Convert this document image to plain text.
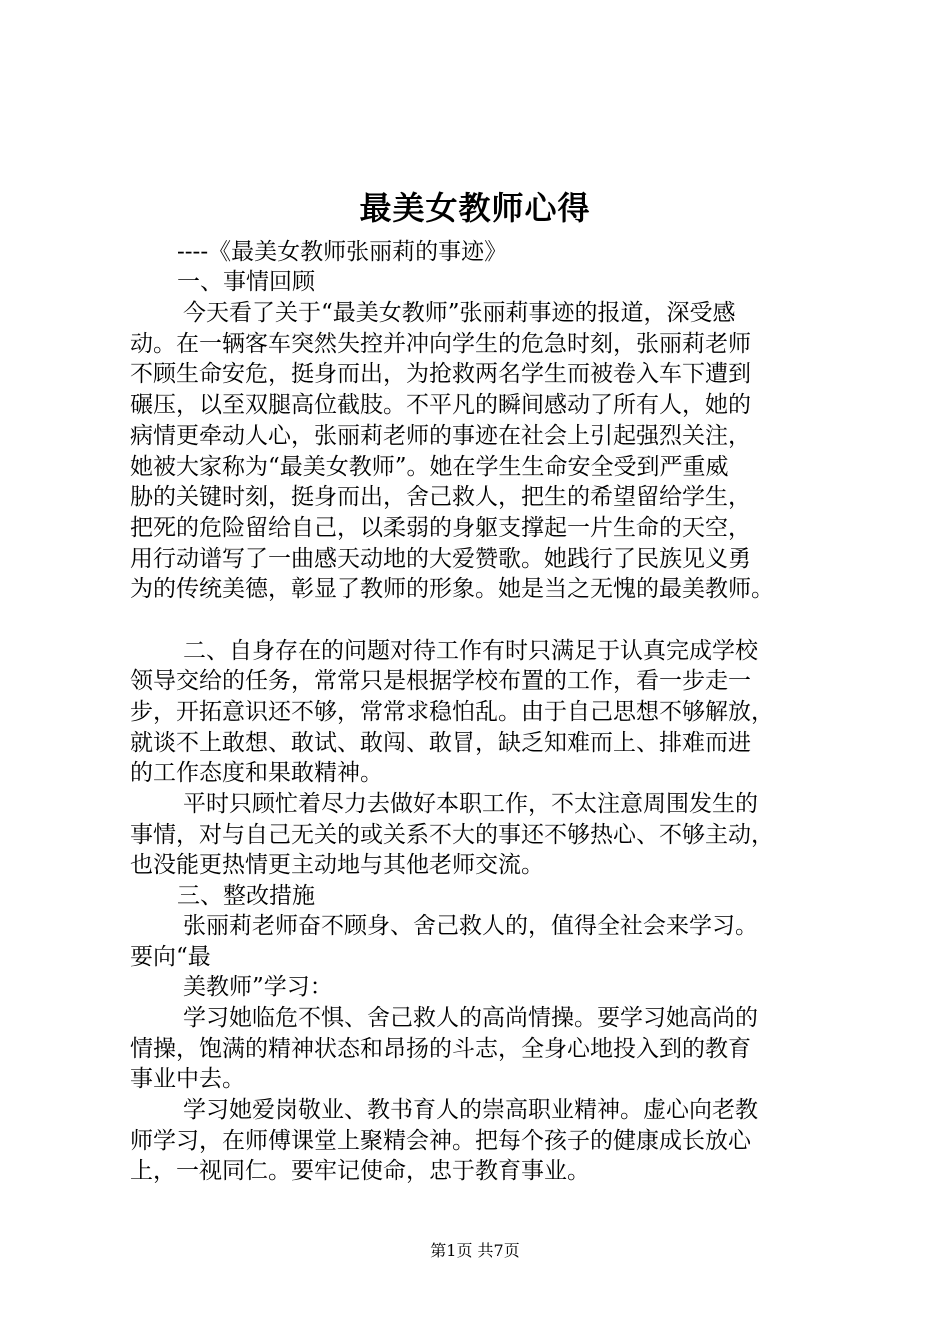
最美女教师心得
----《最美女教师张丽莉的事迹》
一、事情回顾
今天看了关于“最美女教师”张丽莉事迹的报道，深受感
动。在一辆客车突然失控并冲向学生的危急时刻，张丽莉老师
不顾生命安危，挺身而出，为抢救两名学生而被卷入车下遭到
碾压，以至双腿高位截肢。不平凡的瞬间感动了所有人，她的
病情更牵动人心，张丽莉老师的事迹在社会上引起强烈关注，
她被大家称为“最美女教师”。她在学生生命安全受到严重威
胁的关键时刻，挺身而出，舍己救人，把生的希望留给学生，
把死的危险留给自己，以柔弱的身躯支撑起一片生命的天空，
用行动谱写了一曲感天动地的大爱赞歌。她践行了民族见义勇
为的传统美德，彰显了教师的形象。她是当之无愧的最美教师。
二、自身存在的问题对待工作有时只满足于认真完成学校
领导交给的任务，常常只是根据学校布置的工作，看一步走一
步，开拓意识还不够，常常求稳怕乱。由于自己思想不够解放，
就谈不上敢想、敢试、敢闯、敢冒，缺乏知难而上、排难而进
的工作态度和果敢精神。
平时只顾忙着尽力去做好本职工作，不太注意周围发生的
事情，对与自己无关的或关系不大的事还不够热心、不够主动，
也没能更热情更主动地与其他老师交流。
三、整改措施
张丽莉老师奋不顾身、舍己救人的，值得全社会来学习。
要向“最
美教师”学习：
学习她临危不惧、舍己救人的高尚情操。要学习她高尚的
情操，饱满的精神状态和昂扬的斗志，全身心地投入到的教育
事业中去。
学习她爱岗敬业、教书育人的崇高职业精神。虚心向老教
师学习，在师傅课堂上聚精会神。把每个孩子的健康成长放心
上，一视同仁。要牢记使命，忠于教育事业。
第1页 共7页
